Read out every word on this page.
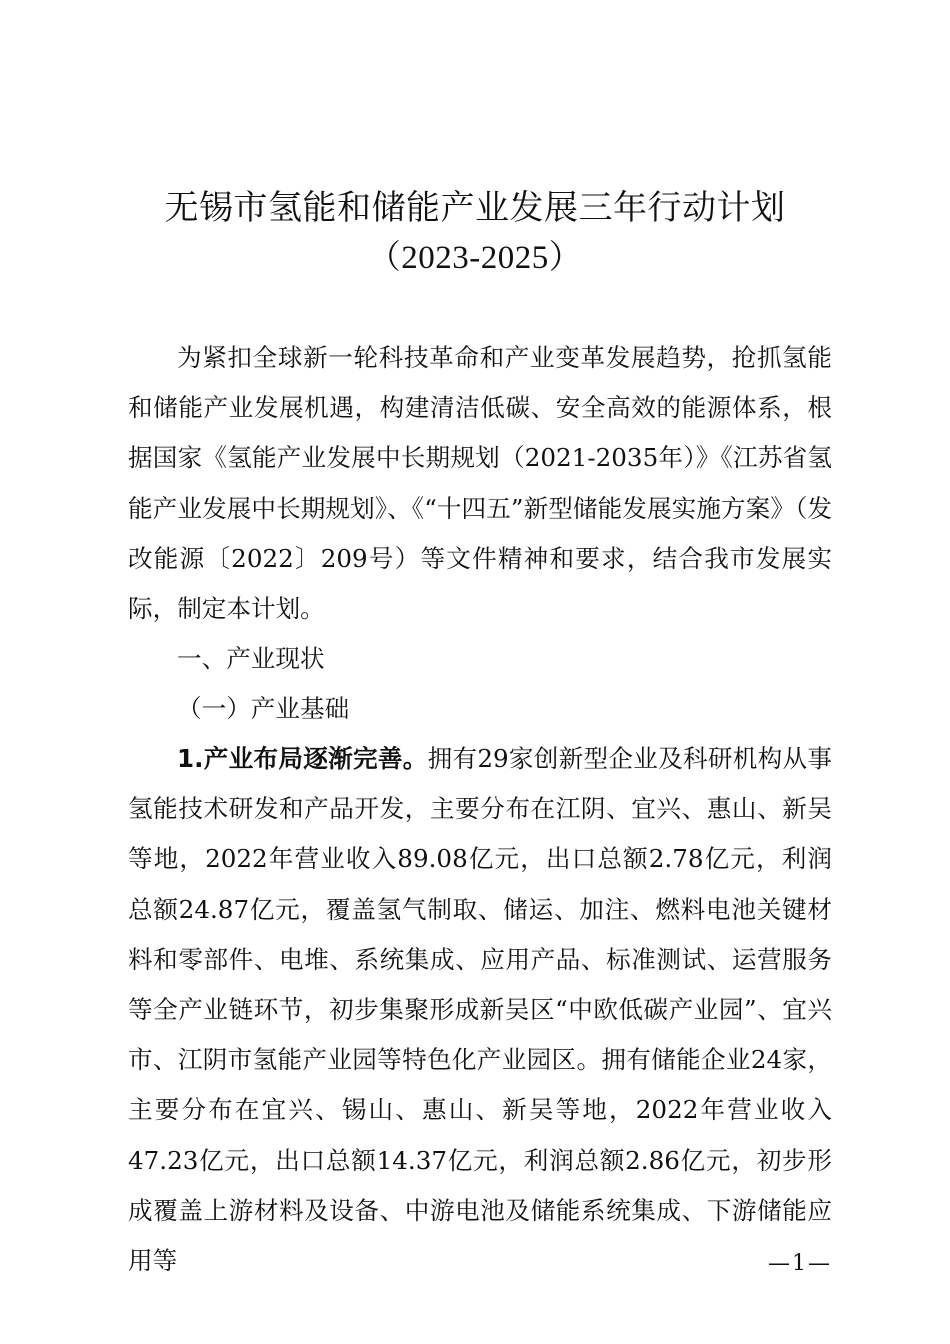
无锡市氢能和储能产业发展三年行动计划
（2023-2025）

为紧扣全球新一轮科技革命和产业变革发展趋势，抢抓氢能和储能产业发展机遇，构建清洁低碳、安全高效的能源体系，根据国家《氢能产业发展中长期规划（2021-2035年）》《江苏省氢能产业发展中长期规划》、《“十四五”新型储能发展实施方案》（发改能源〔2022〕209号）等文件精神和要求，结合我市发展实际，制定本计划。

一、产业现状

（一）产业基础

1.产业布局逐渐完善。拥有29家创新型企业及科研机构从事氢能技术研发和产品开发，主要分布在江阴、宜兴、惠山、新吴等地，2022年营业收入89.08亿元，出口总额2.78亿元，利润总额24.87亿元，覆盖氢气制取、储运、加注、燃料电池关键材料和零部件、电堆、系统集成、应用产品、标准测试、运营服务等全产业链环节，初步集聚形成新吴区“中欧低碳产业园”、宜兴市、江阴市氢能产业园等特色化产业园区。拥有储能企业24家，主要分布在宜兴、锡山、惠山、新吴等地，2022年营业收入47.23亿元，出口总额14.37亿元，利润总额2.86亿元，初步形成覆盖上游材料及设备、中游电池及储能系统集成、下游储能应用等	—1—
